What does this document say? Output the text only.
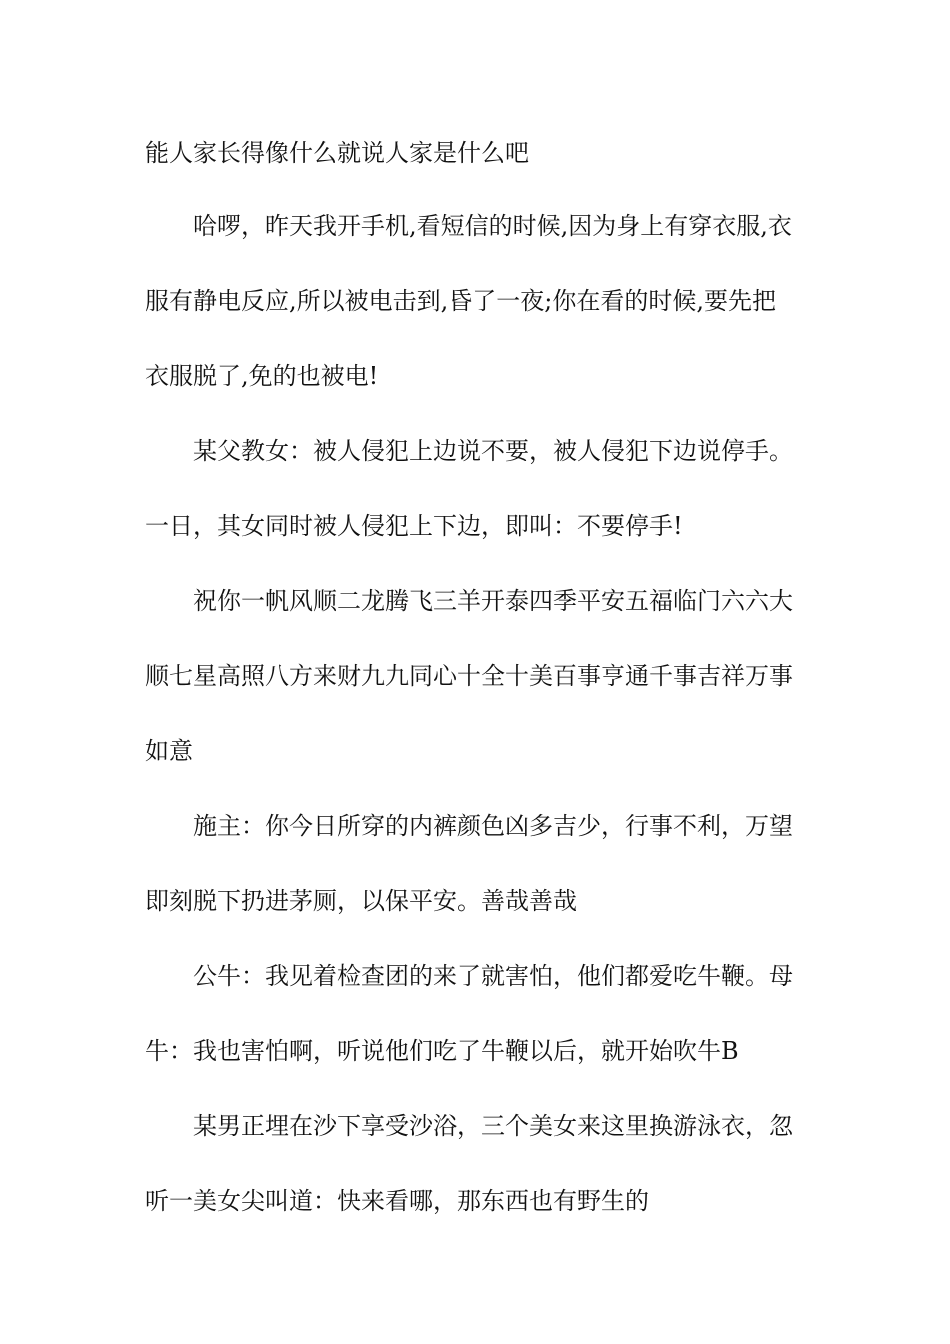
能人家长得像什么就说人家是什么吧
哈啰，昨天我开手机,看短信的时候,因为身上有穿衣服,衣
服有静电反应,所以被电击到,昏了一夜;你在看的时候,要先把
衣服脱了,免的也被电!
某父教女：被人侵犯上边说不要，被人侵犯下边说停手。
一日，其女同时被人侵犯上下边，即叫：不要停手!
祝你一帆风顺二龙腾飞三羊开泰四季平安五福临门六六大
顺七星高照八方来财九九同心十全十美百事亨通千事吉祥万事
如意
施主：你今日所穿的内裤颜色凶多吉少，行事不利，万望
即刻脱下扔进茅厕，以保平安。善哉善哉
公牛：我见着检查团的来了就害怕，他们都爱吃牛鞭。母
牛：我也害怕啊，听说他们吃了牛鞭以后，就开始吹牛B
某男正埋在沙下享受沙浴，三个美女来这里换游泳衣，忽
听一美女尖叫道：快来看哪，那东西也有野生的
